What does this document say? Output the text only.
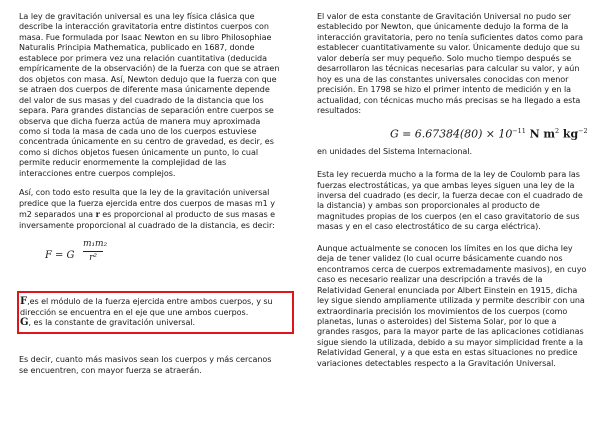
La ley de gravitación universal es una ley física clásica que describe la interacción gravitatoria entre distintos cuerpos con masa. Fue formulada por Isaac Newton en su libro Philosophiae Naturalis Principia Mathematica, publicado en 1687, donde establece por primera vez una relación cuantitativa (deducida empíricamente de la observación) de la fuerza con que se atraen dos objetos con masa. Así, Newton dedujo que la fuerza con que se atraen dos cuerpos de diferente masa únicamente depende del valor de sus masas y del cuadrado de la distancia que los separa. Para grandes distancias de separación entre cuerpos se observa que dicha fuerza actúa de manera muy aproximada como si toda la masa de cada uno de los cuerpos estuviese concentrada únicamente en su centro de gravedad, es decir, es como si dichos objetos fuesen únicamente un punto, lo cual permite reducir enormemente la complejidad de las interacciones entre cuerpos complejos.

Así, con todo esto resulta que la ley de la gravitación universal predice que la fuerza ejercida entre dos cuerpos de masas m1 y m2 separados una r es proporcional al producto de sus masas e inversamente proporcional al cuadrado de la distancia, es decir:

F = G $\frac{\text{m₁m₂}}{\text{r²}}$

F,es el módulo de la fuerza ejercida entre ambos cuerpos, y su dirección se encuentra en el eje que une ambos cuerpos.

G, es la constante de gravitación universal.

Es decir, cuanto más masivos sean los cuerpos y más cercanos se encuentren, con mayor fuerza se atraerán.

El valor de esta constante de Gravitación Universal no pudo ser establecido por Newton, que únicamente dedujo la forma de la interacción gravitatoria, pero no tenía suficientes datos como para establecer cuantitativamente su valor. Únicamente dedujo que su valor debería ser muy pequeño. Solo mucho tiempo después se desarrollaron las técnicas necesarias para calcular su valor, y aún hoy es una de las constantes universales conocidas con menor precisión. En 1798 se hizo el primer intento de medición y en la actualidad, con técnicas mucho más precisas se ha llegado a esta resultados:

$G = 6.67384(80) \times 10^{-11}$ N $m^2$ $kg^{-2}$

en unidades del Sistema Internacional.

Esta ley recuerda mucho a la forma de la ley de Coulomb para las fuerzas electrostáticas, ya que ambas leyes siguen una ley de la inversa del cuadrado (es decir, la fuerza decae con el cuadrado de la distancia) y ambas son proporcionales al producto de magnitudes propias de los cuerpos (en el caso gravitatorio de sus masas y en el caso electrostático de su carga eléctrica).

Aunque actualmente se conocen los límites en los que dicha ley deja de tener validez (lo cual ocurre básicamente cuando nos encontramos cerca de cuerpos extremadamente masivos), en cuyo caso es necesario realizar una descripción a través de la Relatividad General enunciada por Albert Einstein en 1915, dicha ley sigue siendo ampliamente utilizada y permite describir con una extraordinaria precisión los movimientos de los cuerpos (como planetas, lunas o asteroides) del Sistema Solar, por lo que a grandes rasgos, para la mayor parte de las aplicaciones cotidianas sigue siendo la utilizada, debido a su mayor simplicidad frente a la Relatividad General, y a que esta en estas situaciones no predice variaciones detectables respecto a la Gravitación Universal.
